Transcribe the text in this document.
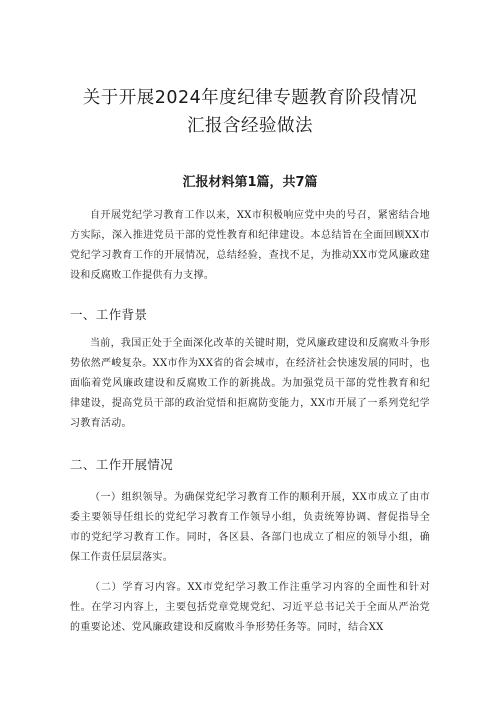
关于开展2024年度纪律专题教育阶段情况
汇报含经验做法

汇报材料第1篇，共7篇

自开展党纪学习教育工作以来，XX市积极响应党中央的号召，紧密结合地方实际，深入推进党员干部的党性教育和纪律建设。本总结旨在全面回顾XX市党纪学习教育工作的开展情况，总结经验，查找不足，为推动XX市党风廉政建设和反腐败工作提供有力支撑。

一、工作背景

当前，我国正处于全面深化改革的关键时期，党风廉政建设和反腐败斗争形势依然严峻复杂。XX市作为XX省的省会城市，在经济社会快速发展的同时，也面临着党风廉政建设和反腐败工作的新挑战。为加强党员干部的党性教育和纪律建设，提高党员干部的政治觉悟和拒腐防变能力，XX市开展了一系列党纪学习教育活动。

二、工作开展情况

（一）组织领导。为确保党纪学习教育工作的顺利开展，XX市成立了由市委主要领导任组长的党纪学习教育工作领导小组，负责统筹协调、督促指导全市的党纪学习教育工作。同时，各区县、各部门也成立了相应的领导小组，确保工作责任层层落实。

（二）学育习内容。XX市党纪学习教工作注重学习内容的全面性和针对性。在学习内容上，主要包括党章党规党纪、习近平总书记关于全面从严治党的重要论述、党风廉政建设和反腐败斗争形势任务等。同时，结合XX
